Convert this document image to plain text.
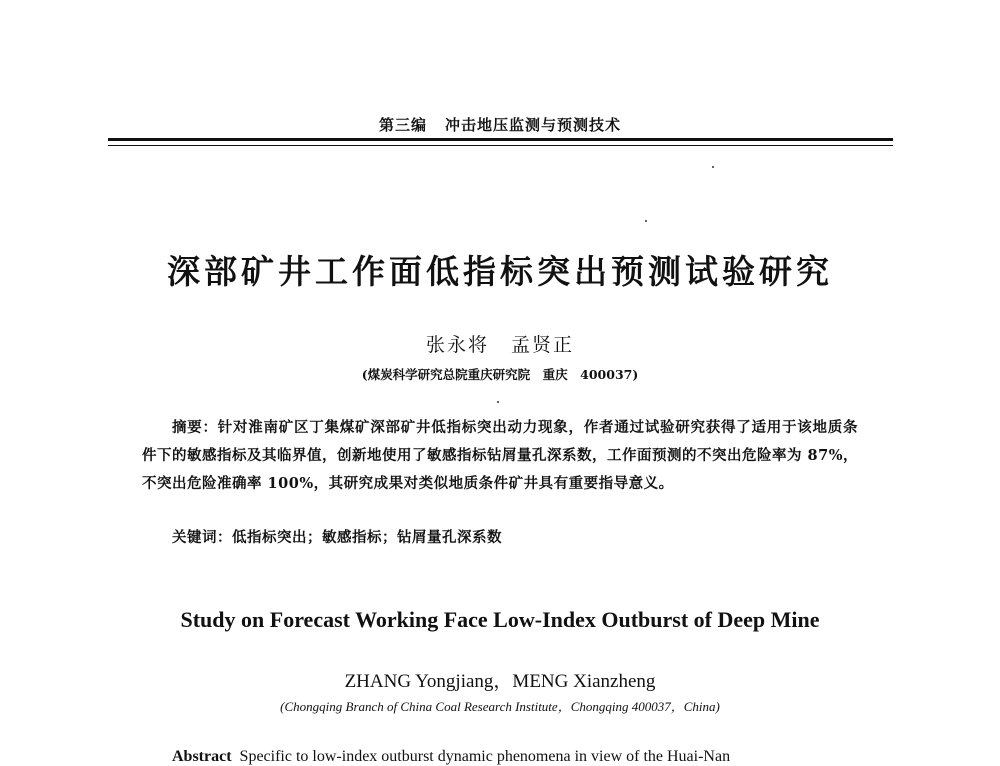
第三编 冲击地压监测与预测技术
深部矿井工作面低指标突出预测试验研究
张永将 孟贤正
(煤炭科学研究总院重庆研究院　重庆　400037)
摘要：针对淮南矿区丁集煤矿深部矿井低指标突出动力现象，作者通过试验研究获得了适用于该地质条件下的敏感指标及其临界值，创新地使用了敏感指标钻屑量孔深系数，工作面预测的不突出危险率为 87%，不突出危险准确率 100%，其研究成果对类似地质条件矿井具有重要指导意义。
关键词：低指标突出；敏感指标；钻屑量孔深系数
Study on Forecast Working Face Low-Index Outburst of Deep Mine
ZHANG Yongjiang，MENG Xianzheng
(Chongqing Branch of China Coal Research Institute，Chongqing 400037，China)
Abstract Specific to low-index outburst dynamic phenomena in view of the Huai-Nan
